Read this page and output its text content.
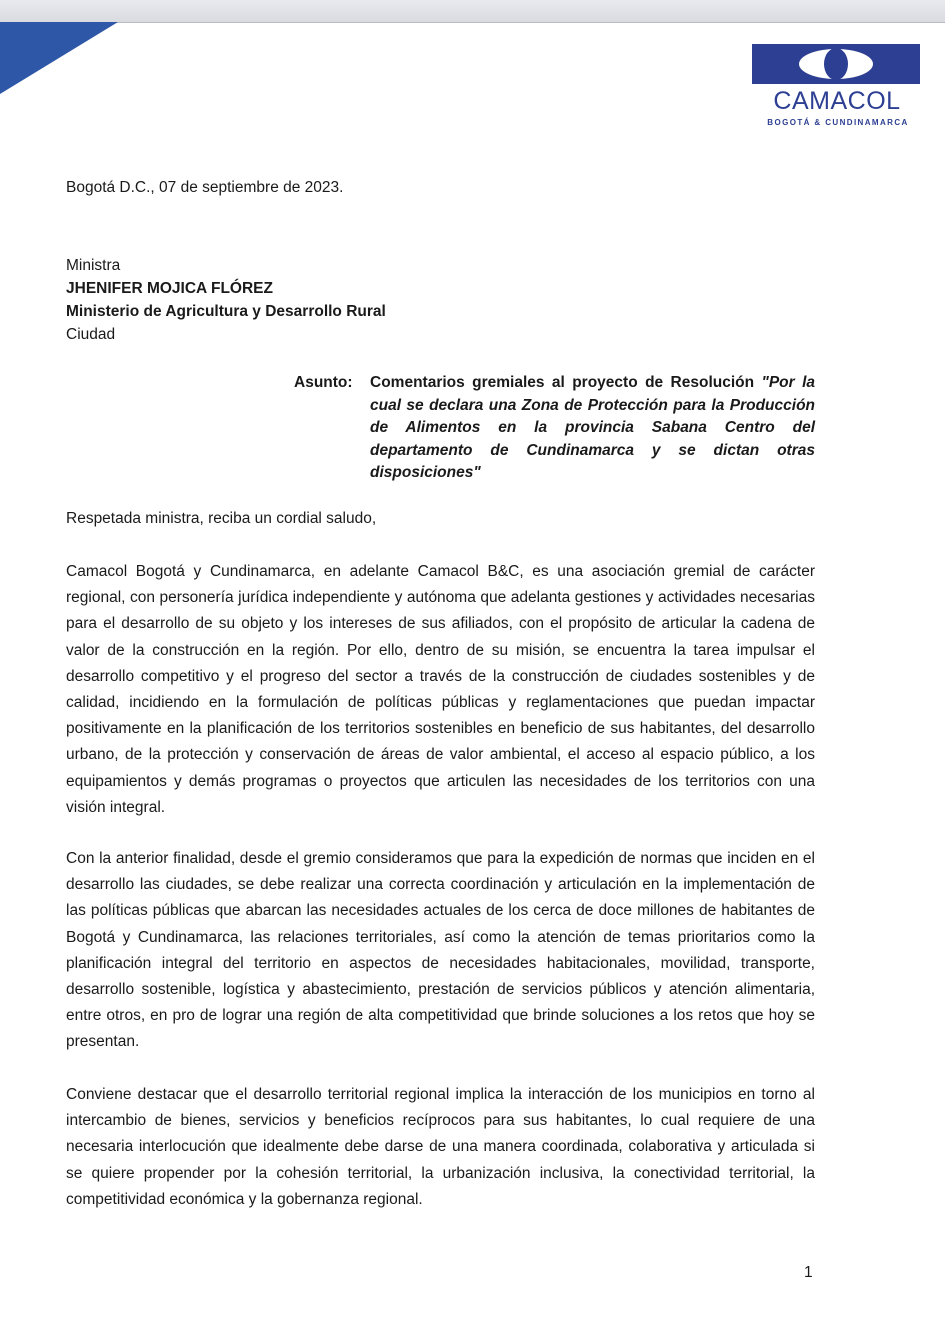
CAMACOL
BOGOTÁ & CUNDINAMARCA
Bogotá D.C., 07 de septiembre de 2023.
Ministra
JHENIFER MOJICA FLÓREZ
Ministerio de Agricultura y Desarrollo Rural
Ciudad
Asunto: Comentarios gremiales al proyecto de Resolución "Por la cual se declara una Zona de Protección para la Producción de Alimentos en la provincia Sabana Centro del departamento de Cundinamarca y se dictan otras disposiciones"
Respetada ministra, reciba un cordial saludo,
Camacol Bogotá y Cundinamarca, en adelante Camacol B&C, es una asociación gremial de carácter regional, con personería jurídica independiente y autónoma que adelanta gestiones y actividades necesarias para el desarrollo de su objeto y los intereses de sus afiliados, con el propósito de articular la cadena de valor de la construcción en la región. Por ello, dentro de su misión, se encuentra la tarea impulsar el desarrollo competitivo y el progreso del sector a través de la construcción de ciudades sostenibles y de calidad, incidiendo en la formulación de políticas públicas y reglamentaciones que puedan impactar positivamente en la planificación de los territorios sostenibles en beneficio de sus habitantes, del desarrollo urbano, de la protección y conservación de áreas de valor ambiental, el acceso al espacio público, a los equipamientos y demás programas o proyectos que articulen las necesidades de los territorios con una visión integral.
Con la anterior finalidad, desde el gremio consideramos que para la expedición de normas que inciden en el desarrollo las ciudades, se debe realizar una correcta coordinación y articulación en la implementación de las políticas públicas que abarcan las necesidades actuales de los cerca de doce millones de habitantes de Bogotá y Cundinamarca, las relaciones territoriales, así como la atención de temas prioritarios como la planificación integral del territorio en aspectos de necesidades habitacionales, movilidad, transporte, desarrollo sostenible, logística y abastecimiento, prestación de servicios públicos y atención alimentaria, entre otros, en pro de lograr una región de alta competitividad que brinde soluciones a los retos que hoy se presentan.
Conviene destacar que el desarrollo territorial regional implica la interacción de los municipios en torno al intercambio de bienes, servicios y beneficios recíprocos para sus habitantes, lo cual requiere de una necesaria interlocución que idealmente debe darse de una manera coordinada, colaborativa y articulada si se quiere propender por la cohesión territorial, la urbanización inclusiva, la conectividad territorial, la competitividad económica y la gobernanza regional.
1
